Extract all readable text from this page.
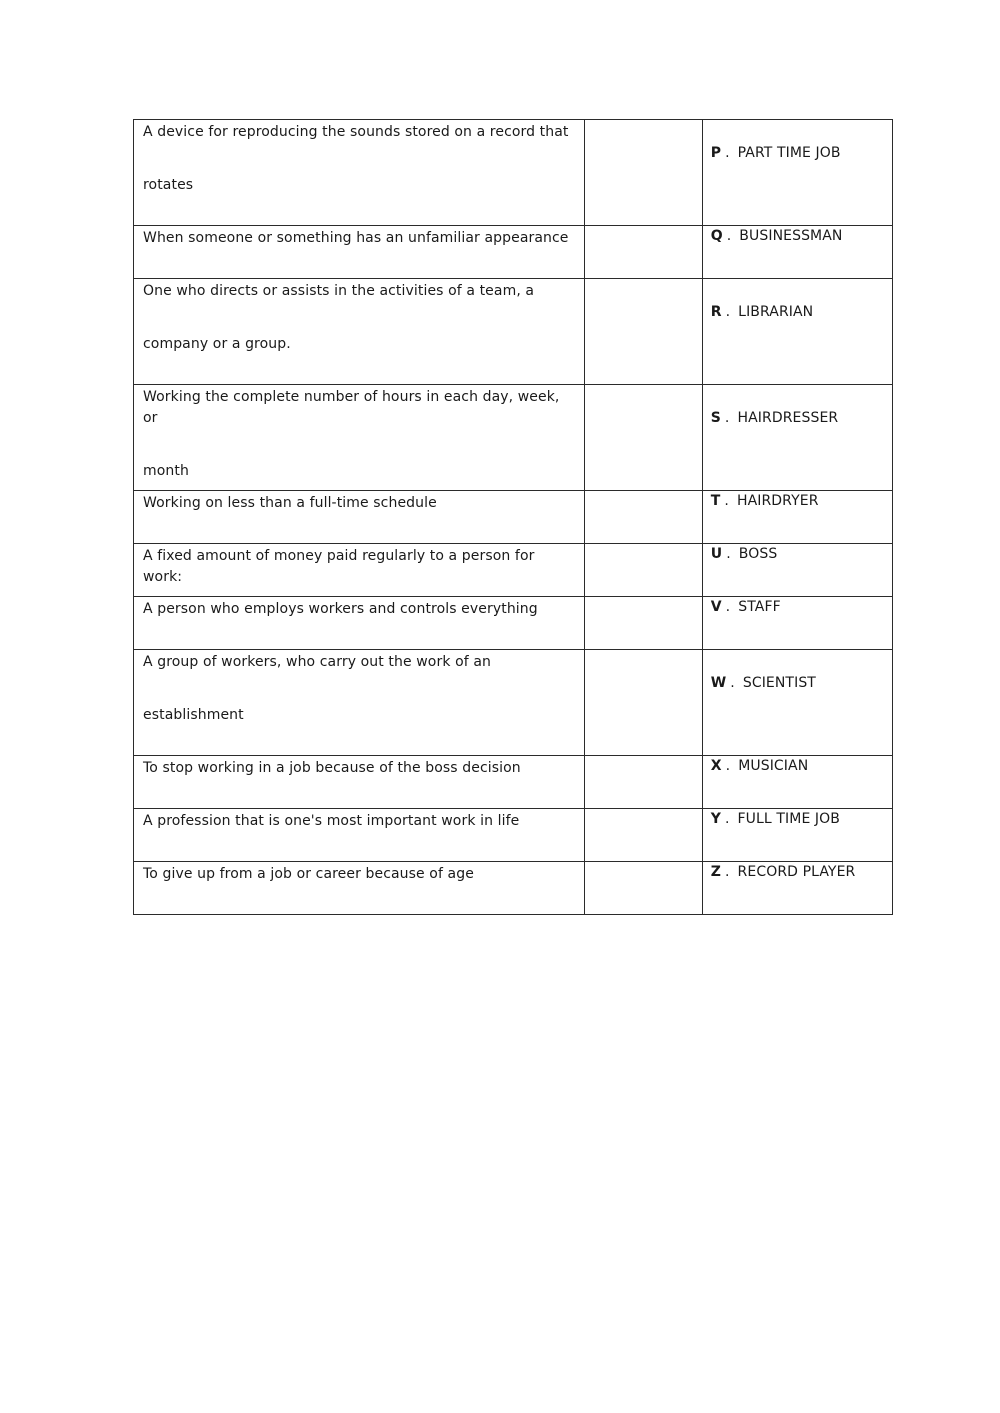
A device for reproducing the sounds stored on a record that
rotates		P . PART TIME JOB

When someone or something has an unfamiliar appearance		Q . BUSINESSMAN

One who directs or assists in the activities of a team, a
company or a group.		R . LIBRARIAN

Working the complete number of hours in each day, week, or
month		S . HAIRDRESSER

Working on less than a full-time schedule		T . HAIRDRYER

A fixed amount of money paid regularly to a person for work:		U . BOSS

A person who employs workers and controls everything		V . STAFF

A group of workers, who carry out the work of an
establishment		W . SCIENTIST

To stop working in a job because of the boss decision		X . MUSICIAN

A profession that is one's most important work in life		Y . FULL TIME JOB

To give up from a job or career because of age		Z . RECORD PLAYER
